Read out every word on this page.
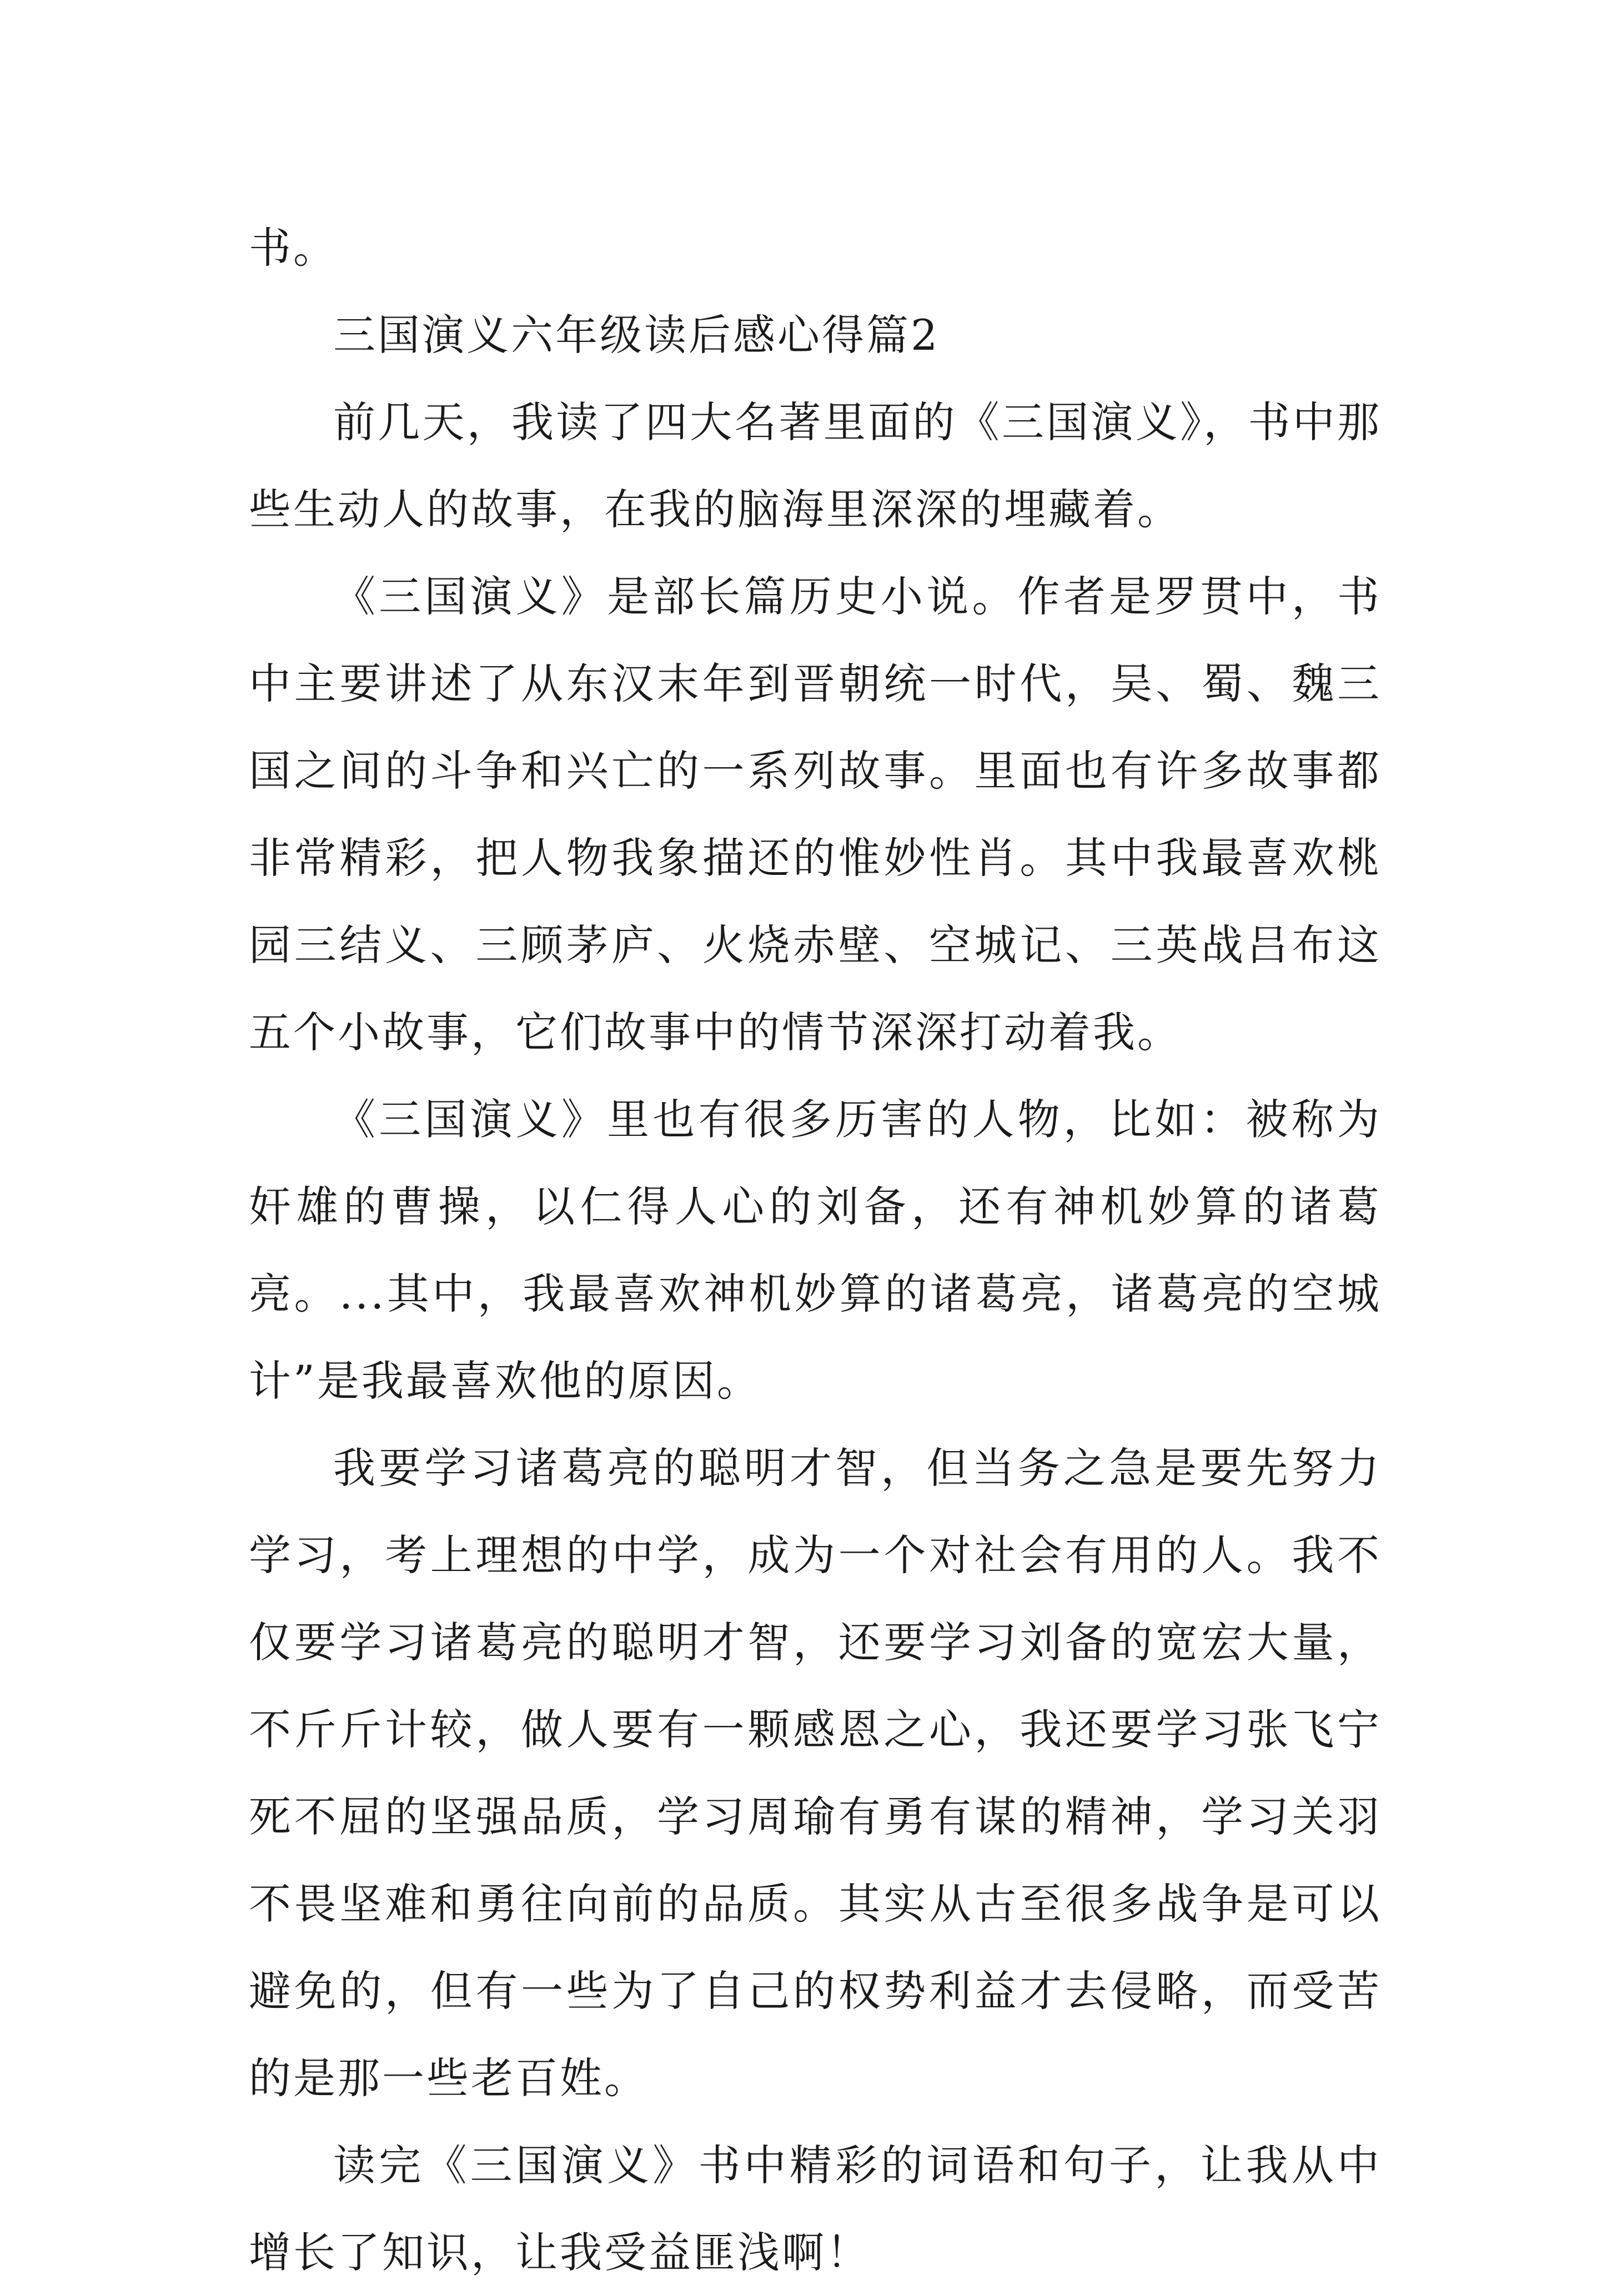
书。

三国演义六年级读后感心得篇2

前几天，我读了四大名著里面的《三国演义》，书中那些生动人的故事，在我的脑海里深深的埋藏着。

《三国演义》是部长篇历史小说。作者是罗贯中，书中主要讲述了从东汉末年到晋朝统一时代，吴、蜀、魏三国之间的斗争和兴亡的一系列故事。里面也有许多故事都非常精彩，把人物我象描还的惟妙性肖。其中我最喜欢桃园三结义、三顾茅庐、火烧赤壁、空城记、三英战吕布这五个小故事，它们故事中的情节深深打动着我。

《三国演义》里也有很多历害的人物，比如：被称为奸雄的曹操，以仁得人心的刘备，还有神机妙算的诸葛亮。...其中，我最喜欢神机妙算的诸葛亮，诸葛亮的空城计”是我最喜欢他的原因。

我要学习诸葛亮的聪明才智，但当务之急是要先努力学习，考上理想的中学，成为一个对社会有用的人。我不仅要学习诸葛亮的聪明才智，还要学习刘备的宽宏大量，不斤斤计较，做人要有一颗感恩之心，我还要学习张飞宁死不屈的坚强品质，学习周瑜有勇有谋的精神，学习关羽不畏坚难和勇往向前的品质。其实从古至很多战争是可以避免的，但有一些为了自己的权势利益才去侵略，而受苦的是那一些老百姓。

读完《三国演义》书中精彩的词语和句子，让我从中增长了知识，让我受益匪浅啊！
